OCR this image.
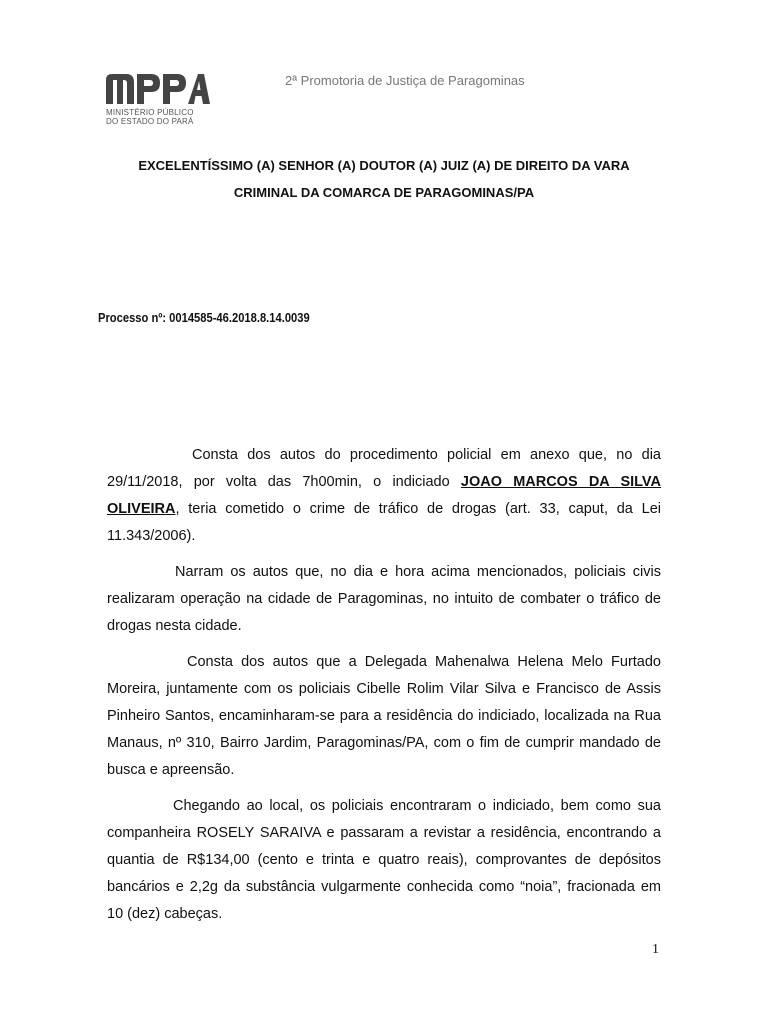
MINISTÉRIO PÚBLICO
DO ESTADO DO PARÁ
2ª Promotoria de Justiça de Paragominas
EXCELENTÍSSIMO (A) SENHOR (A) DOUTOR (A) JUIZ (A) DE DIREITO DA VARA
CRIMINAL DA COMARCA DE PARAGOMINAS/PA
Processo nº: 0014585-46.2018.8.14.0039

Consta dos autos do procedimento policial em anexo que, no dia 29/11/2018, por volta das 7h00min, o indiciado JOAO MARCOS DA SILVA OLIVEIRA, teria cometido o crime de tráfico de drogas (art. 33, caput, da Lei 11.343/2006).

Narram os autos que, no dia e hora acima mencionados, policiais civis realizaram operação na cidade de Paragominas, no intuito de combater o tráfico de drogas nesta cidade.

Consta dos autos que a Delegada Mahenalwa Helena Melo Furtado Moreira, juntamente com os policiais Cibelle Rolim Vilar Silva e Francisco de Assis Pinheiro Santos, encaminharam-se para a residência do indiciado, localizada na Rua Manaus, nº 310, Bairro Jardim, Paragominas/PA, com o fim de cumprir mandado de busca e apreensão.

Chegando ao local, os policiais encontraram o indiciado, bem como sua companheira ROSELY SARAIVA e passaram a revistar a residência, encontrando a quantia de R$134,00 (cento e trinta e quatro reais), comprovantes de depósitos bancários e 2,2g da substância vulgarmente conhecida como “noia”, fracionada em 10 (dez) cabeças.

1
